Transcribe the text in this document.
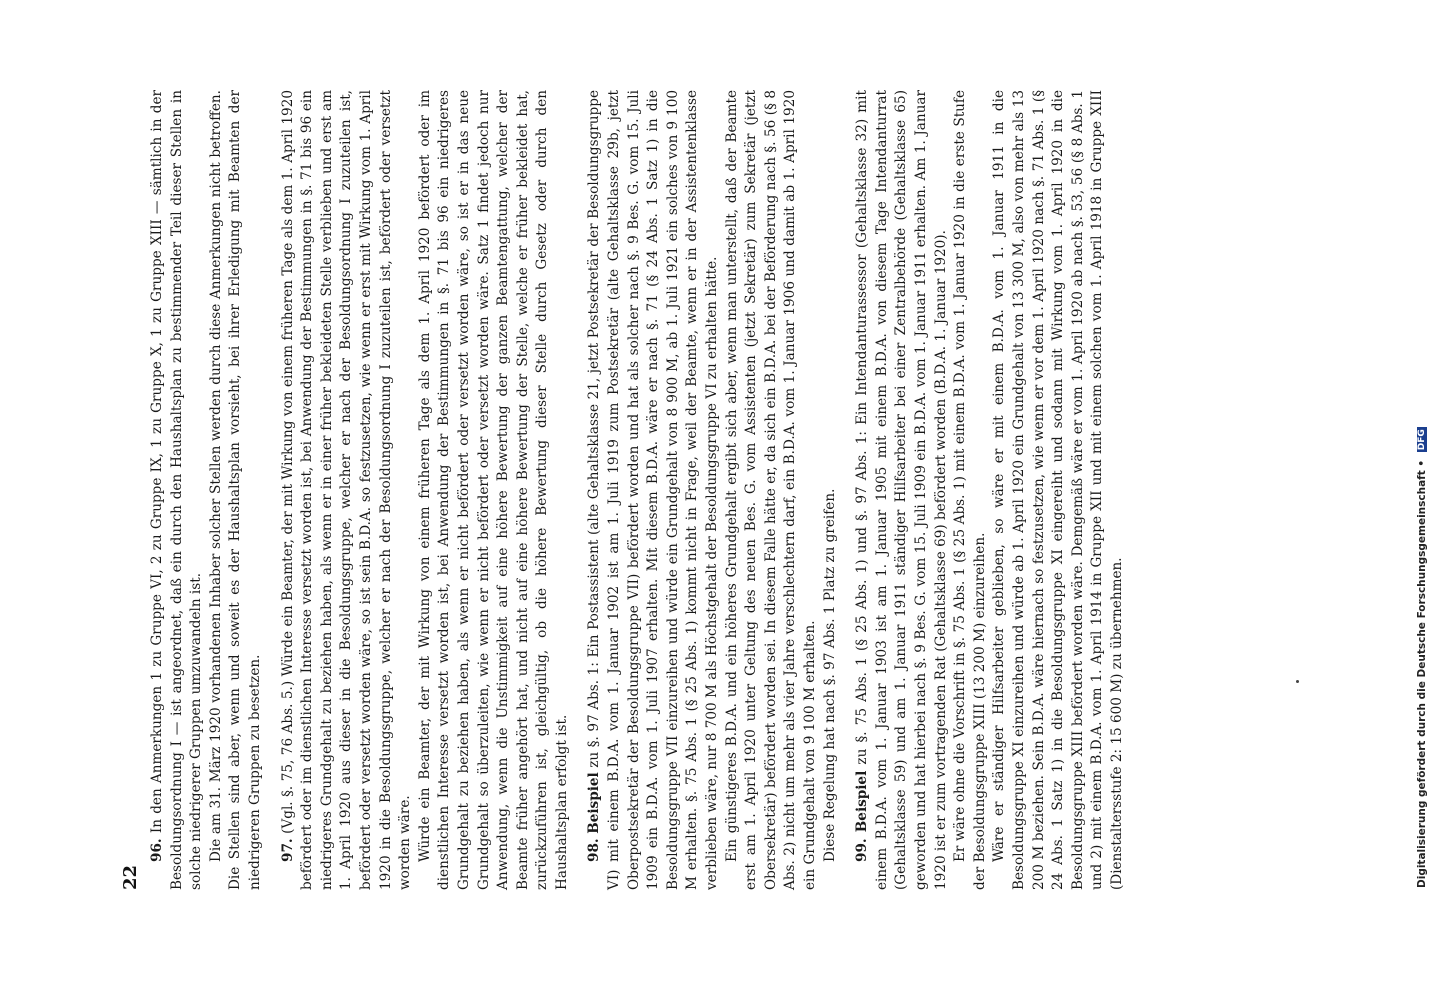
22

96. In den Anmerkungen 1 zu Gruppe VI, 2 zu Gruppe IX, 1 zu Gruppe X, 1 zu Gruppe XIII — sämtlich in der Besoldungsordnung I — ist angeordnet, daß ein durch den Haushaltsplan zu bestimmender Teil dieser Stellen in solche niedrigerer Gruppen umzuwandeln ist. Die am 31. März 1920 vorhandenen Inhaber solcher Stellen werden durch diese Anmerkungen nicht betroffen. Die Stellen sind aber, wenn und soweit es der Haushaltsplan vorsieht, bei ihrer Erledigung mit Beamten der niedrigeren Gruppen zu besetzen. 97. (Vgl. §. 75, 76 Abs. 5.) Würde ein Beamter, der mit Wirkung von einem früheren Tage als dem 1. April 1920 befördert oder im dienstlichen Interesse versetzt worden ist, bei Anwendung der Bestimmungen in §. 71 bis 96 ein niedrigeres Grundgehalt zu beziehen haben, als wenn er in einer früher bekleideten Stelle verblieben und erst am 1. April 1920 aus dieser in die Besoldungsgruppe, welcher er nach der Besoldungsordnung I zuzuteilen ist, befördert oder versetzt worden wäre, so ist sein B.D.A. so festzusetzen, wie wenn er erst mit Wirkung vom 1. April 1920 in die Besoldungsgruppe, welcher er nach der Besoldungsordnung I zuzuteilen ist, befördert oder versetzt worden wäre. Würde ein Beamter, der mit Wirkung von einem früheren Tage als dem 1. April 1920 befördert oder im dienstlichen Interesse versetzt worden ist, bei Anwendung der Bestimmungen in §. 71 bis 96 ein niedrigeres Grundgehalt zu beziehen haben, als wenn er nicht befördert oder versetzt worden wäre, so ist er in das neue Grundgehalt so überzuleiten, wie wenn er nicht befördert oder versetzt worden wäre. Satz 1 findet jedoch nur Anwendung, wenn die Unstimmigkeit auf eine höhere Bewertung der ganzen Beamtengattung, welcher der Beamte früher angehört hat, und nicht auf eine höhere Bewertung der Stelle, welche er früher bekleidet hat, zurückzuführen ist, gleichgültig, ob die höhere Bewertung dieser Stelle durch Gesetz oder durch den Haushaltsplan erfolgt ist. 98. Beispiel zu §. 97 Abs. 1: Ein Postassistent (alte Gehaltsklasse 21, jetzt Postsekretär der Besoldungsgruppe VI) mit einem B.D.A. vom 1. Januar 1902 ist am 1. Juli 1919 zum Postsekretär (alte Gehaltsklasse 29b, jetzt Oberpostsekretär der Besoldungsgruppe VII) befördert worden und hat als solcher nach §. 9 Bes. G. vom 15. Juli 1909 ein B.D.A. vom 1. Juli 1907 erhalten. Mit diesem B.D.A. wäre er nach §. 71 (§ 24 Abs. 1 Satz 1) in die Besoldungsgruppe VII einzureihen und würde ein Grundgehalt von 8 900 M, ab 1. Juli 1921 ein solches von 9 100 M erhalten. §. 75 Abs. 1 (§ 25 Abs. 1) kommt nicht in Frage, weil der Beamte, wenn er in der Assistentenklasse verblieben wäre, nur 8 700 M als Höchstgehalt der Besoldungsgruppe VI zu erhalten hätte. Ein günstigeres B.D.A. und ein höheres Grundgehalt ergibt sich aber, wenn man unterstellt, daß der Beamte erst am 1. April 1920 unter Geltung des neuen Bes. G. vom Assistenten (jetzt Sekretär) zum Sekretär (jetzt Obersekretär) befördert worden sei. In diesem Falle hätte er, da sich ein B.D.A. bei der Beförderung nach §. 56 (§ 8 Abs. 2) nicht um mehr als vier Jahre verschlechtern darf, ein B.D.A. vom 1. Januar 1906 und damit ab 1. April 1920 ein Grundgehalt von 9 100 M erhalten. Diese Regelung hat nach §. 97 Abs. 1 Platz zu greifen. 99. Beispiel zu §. 75 Abs. 1 (§ 25 Abs. 1) und §. 97 Abs. 1: Ein Intendanturassessor (Gehaltsklasse 32) mit einem B.D.A. vom 1. Januar 1903 ist am 1. Januar 1905 mit einem B.D.A. von diesem Tage Intendanturrat (Gehaltsklasse 59) und am 1. Januar 1911 ständiger Hilfsarbeiter bei einer Zentralbehörde (Gehaltsklasse 65) geworden und hat hierbei nach §. 9 Bes. G. vom 15. Juli 1909 ein B.D.A. vom 1. Januar 1911 erhalten. Am 1. Januar 1920 ist er zum vortragenden Rat (Gehaltsklasse 69) befördert worden (B.D.A. 1. Januar 1920). Er wäre ohne die Vorschrift in §. 75 Abs. 1 (§ 25 Abs. 1) mit einem B.D.A. vom 1. Januar 1920 in die erste Stufe der Besoldungsgruppe XIII (13 200 M) einzureihen. Wäre er ständiger Hilfsarbeiter geblieben, so wäre er mit einem B.D.A. vom 1. Januar 1911 in die Besoldungsgruppe XI einzureihen und würde ab 1. April 1920 ein Grundgehalt von 13 300 M, also von mehr als 13 200 M beziehen. Sein B.D.A. wäre hiernach so festzusetzen, wie wenn er vor dem 1. April 1920 nach §. 71 Abs. 1 (§ 24 Abs. 1 Satz 1) in die Besoldungsgruppe XI eingereiht und sodann mit Wirkung vom 1. April 1920 in die Besoldungsgruppe XIII befördert worden wäre. Demgemäß wäre er vom 1. April 1920 ab nach §. 53, 56 (§ 8 Abs. 1 und 2) mit einem B.D.A. vom 1. April 1914 in Gruppe XII und mit einem solchen vom 1. April 1918 in Gruppe XIII (Dienstaltersstufe 2: 15 600 M) zu übernehmen.	Digitalisierung gefördert durch die Deutsche Forschungsgemeinschaft • DFG
